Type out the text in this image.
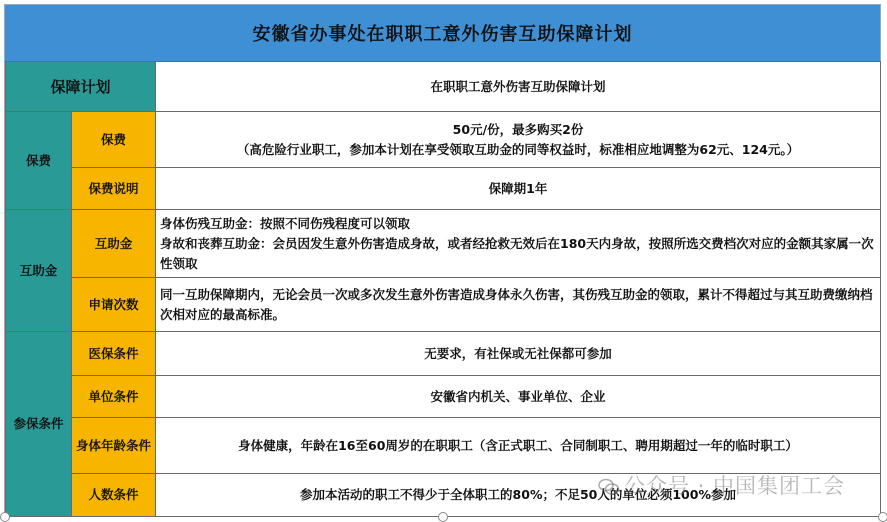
安徽省办事处在职职工意外伤害互助保障计划
保障计划		在职职工意外伤害互助保障计划
保费	保费	50元/份，最多购买2份
（高危险行业职工，参加本计划在享受领取互助金的同等权益时，标准相应地调整为62元、124元。）

	保费说明	保障期1年
互助金	互助金	身体伤残互助金：按照不同伤残程度可以领取
身故和丧葬互助金：会员因发生意外伤害造成身故，或者经抢救无效后在180天内身故，按照所选交费档次对应的金额其家属一次性领取

	申请次数	同一互助保障期内，无论会员一次或多次发生意外伤害造成身体永久伤害，其伤残互助金的领取，累计不得超过与其互助费缴纳档次相对应的最高标准。
参保条件	医保条件	无要求，有社保或无社保都可参加
	单位条件	安徽省内机关、事业单位、企业
	身体年龄条件	身体健康，年龄在16至60周岁的在职职工（含正式职工、合同制职工、聘用期超过一年的临时职工）
	人数条件	参加本活动的职工不得少于全体职工的80%；不足50人的单位必须100%参加
公众号 · 中国集团工会
